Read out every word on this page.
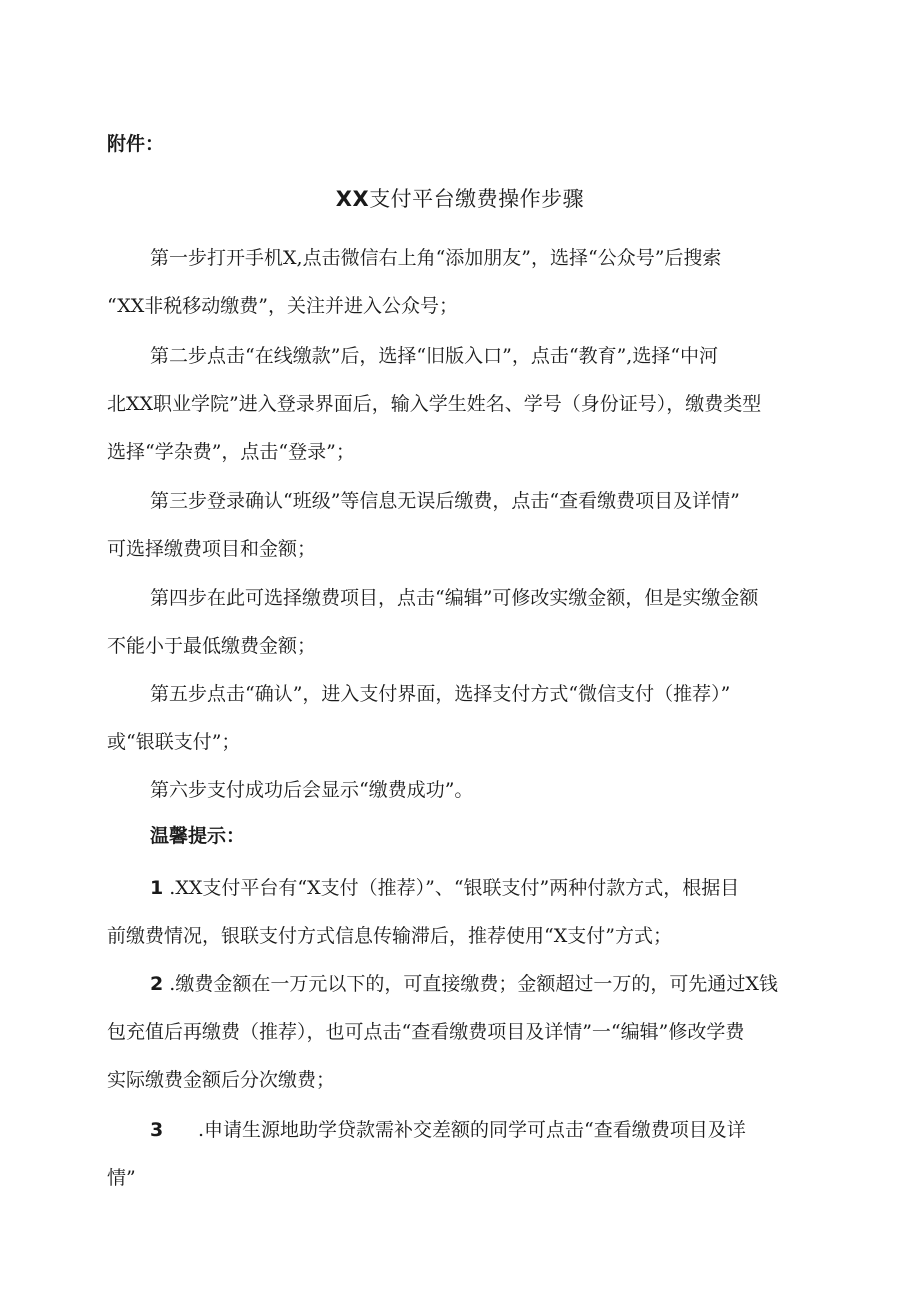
附件：
XX支付平台缴费操作步骤
第一步打开手机X,点击微信右上角“添加朋友”，选择“公众号”后搜索
“XX非税移动缴费”，关注并进入公众号；
第二步点击“在线缴款”后，选择“旧版入口”，点击“教育”,选择“中河
北XX职业学院”进入登录界面后，输入学生姓名、学号（身份证号），缴费类型
选择“学杂费”，点击“登录”；
第三步登录确认“班级”等信息无误后缴费，点击“查看缴费项目及详情”
可选择缴费项目和金额；
第四步在此可选择缴费项目，点击“编辑”可修改实缴金额，但是实缴金额
不能小于最低缴费金额；
第五步点击“确认”，进入支付界面，选择支付方式“微信支付（推荐）”
或“银联支付”；
第六步支付成功后会显示“缴费成功”。
温馨提示：
1 .XX支付平台有“X支付（推荐）”、“银联支付”两种付款方式，根据目
前缴费情况，银联支付方式信息传输滞后，推荐使用“X支付”方式；
2 .缴费金额在一万元以下的，可直接缴费；金额超过一万的，可先通过X钱
包充值后再缴费（推荐），也可点击“查看缴费项目及详情”一“编辑”修改学费
实际缴费金额后分次缴费；
3 .申请生源地助学贷款需补交差额的同学可点击“查看缴费项目及详
情”
